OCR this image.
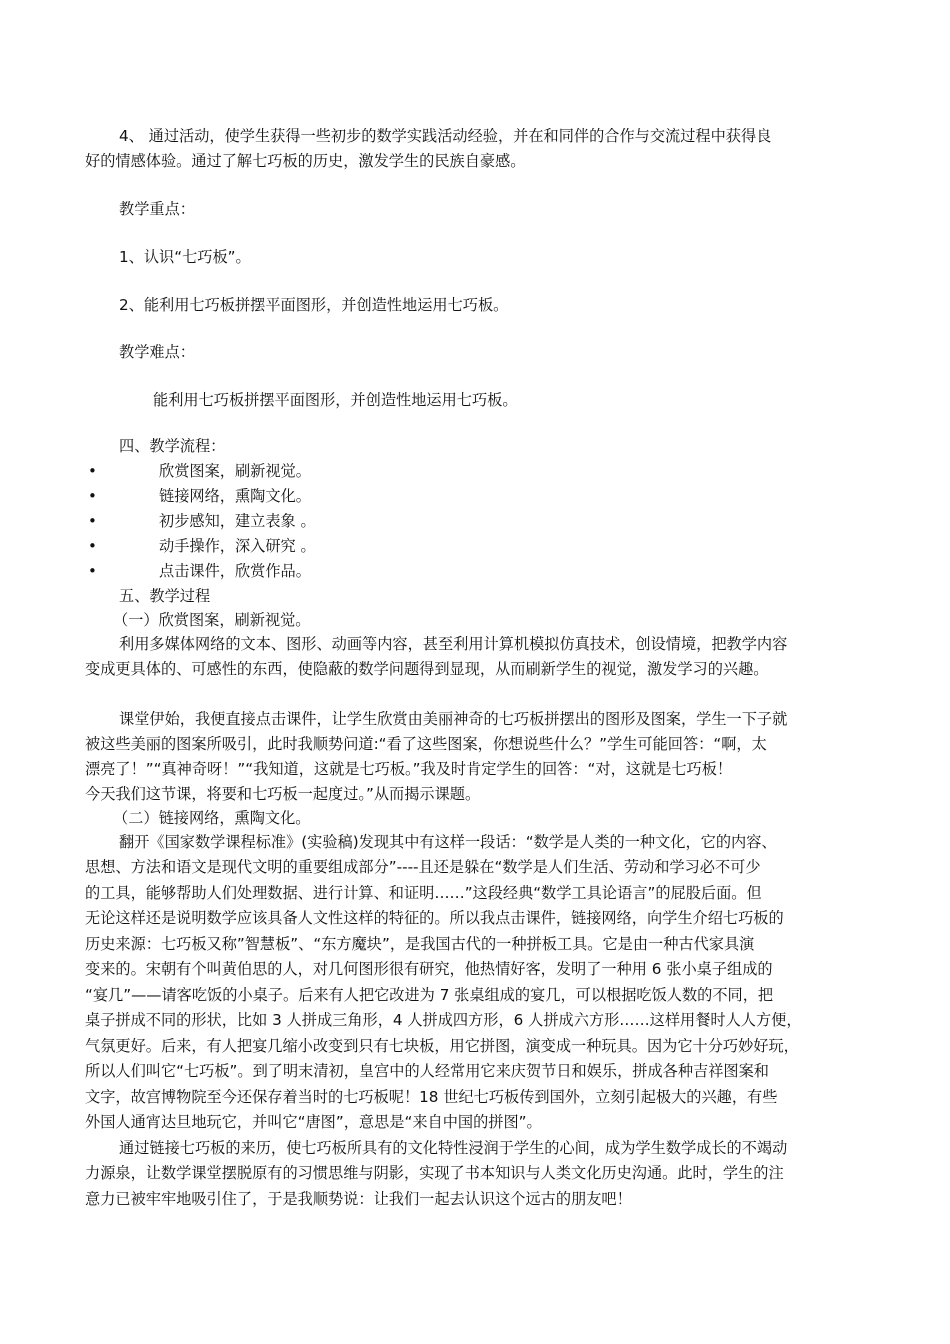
4、 通过活动，使学生获得一些初步的数学实践活动经验，并在和同伴的合作与交流过程中获得良
好的情感体验。通过了解七巧板的历史，激发学生的民族自豪感。
教学重点：
1、认识“七巧板”。
2、能利用七巧板拼摆平面图形，并创造性地运用七巧板。
教学难点：
能利用七巧板拼摆平面图形，并创造性地运用七巧板。
四、教学流程：
•	欣赏图案，刷新视觉。
•	链接网络，熏陶文化。
•	初步感知，建立表象 。
•	动手操作，深入研究 。
•	点击课件，欣赏作品。
五、教学过程
（一）欣赏图案，刷新视觉。
利用多媒体网络的文本、图形、动画等内容，甚至利用计算机模拟仿真技术，创设情境，把教学内容
变成更具体的、可感性的东西，使隐蔽的数学问题得到显现，从而刷新学生的视觉，激发学习的兴趣。
课堂伊始，我便直接点击课件，让学生欣赏由美丽神奇的七巧板拼摆出的图形及图案，学生一下子就
被这些美丽的图案所吸引，此时我顺势问道:“看了这些图案，你想说些什么？”学生可能回答：“啊，太
漂亮了！”“真神奇呀！”“我知道，这就是七巧板。”我及时肯定学生的回答：“对，这就是七巧板！
今天我们这节课，将要和七巧板一起度过。”从而揭示课题。
（二）链接网络，熏陶文化。
翻开《国家数学课程标准》(实验稿)发现其中有这样一段话：“数学是人类的一种文化，它的内容、
思想、方法和语文是现代文明的重要组成部分”----且还是躲在“数学是人们生活、劳动和学习必不可少
的工具，能够帮助人们处理数据、进行计算、和证明……”这段经典“数学工具论语言”的屁股后面。但
无论这样还是说明数学应该具备人文性这样的特征的。所以我点击课件，链接网络，向学生介绍七巧板的
历史来源：七巧板又称”智慧板”、“东方魔块”，是我国古代的一种拼板工具。它是由一种古代家具演
变来的。宋朝有个叫黄伯思的人，对几何图形很有研究，他热情好客，发明了一种用 6 张小桌子组成的
“宴几”——请客吃饭的小桌子。后来有人把它改进为 7 张桌组成的宴几，可以根据吃饭人数的不同，把
桌子拼成不同的形状，比如 3 人拼成三角形，4 人拼成四方形，6 人拼成六方形……这样用餐时人人方便，
气氛更好。后来，有人把宴几缩小改变到只有七块板，用它拼图，演变成一种玩具。因为它十分巧妙好玩，
所以人们叫它“七巧板”。到了明末清初，皇宫中的人经常用它来庆贺节日和娱乐，拼成各种吉祥图案和
文字，故宫博物院至今还保存着当时的七巧板呢！18 世纪七巧板传到国外，立刻引起极大的兴趣，有些
外国人通宵达旦地玩它，并叫它“唐图”，意思是“来自中国的拼图”。
通过链接七巧板的来历，使七巧板所具有的文化特性浸润于学生的心间，成为学生数学成长的不竭动
力源泉，让数学课堂摆脱原有的习惯思维与阴影，实现了书本知识与人类文化历史沟通。此时，学生的注
意力已被牢牢地吸引住了，于是我顺势说：让我们一起去认识这个远古的朋友吧！
